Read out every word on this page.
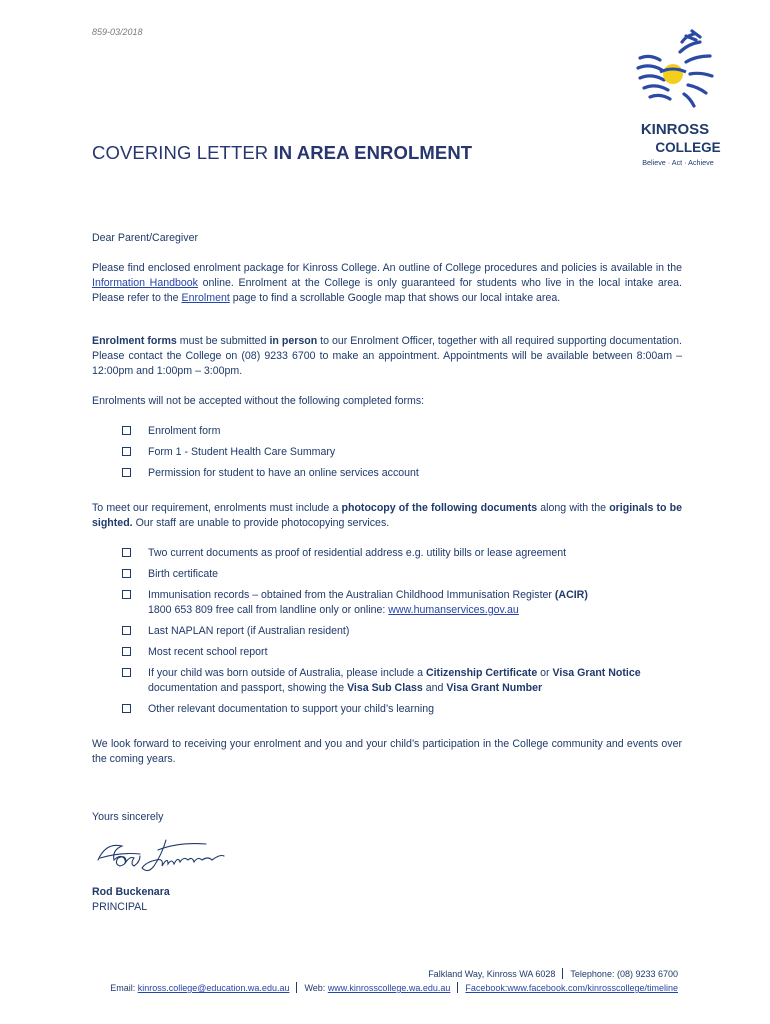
859-03/2018
COVERING LETTER IN AREA ENROLMENT
KINROSS
COLLEGE
Believe · Act · Achieve
Dear Parent/Caregiver
Please find enclosed enrolment package for Kinross College. An outline of College procedures and policies is available in the Information Handbook online. Enrolment at the College is only guaranteed for students who live in the local intake area. Please refer to the Enrolment page to find a scrollable Google map that shows our local intake area.
Enrolment forms must be submitted in person to our Enrolment Officer, together with all required supporting documentation. Please contact the College on (08) 9233 6700 to make an appointment. Appointments will be available between 8:00am – 12:00pm and 1:00pm – 3:00pm.
Enrolments will not be accepted without the following completed forms:
Enrolment form
Form 1 - Student Health Care Summary
Permission for student to have an online services account
To meet our requirement, enrolments must include a photocopy of the following documents along with the originals to be sighted. Our staff are unable to provide photocopying services.
Two current documents as proof of residential address e.g. utility bills or lease agreement
Birth certificate
Immunisation records – obtained from the Australian Childhood Immunisation Register (ACIR)
1800 653 809 free call from landline only or online: www.humanservices.gov.au
Last NAPLAN report (if Australian resident)
Most recent school report
If your child was born outside of Australia, please include a Citizenship Certificate or Visa Grant Notice
documentation and passport, showing the Visa Sub Class and Visa Grant Number
Other relevant documentation to support your child’s learning
We look forward to receiving your enrolment and you and your child’s participation in the College community and events over the coming years.
Yours sincerely
Rod Buckenara
PRINCIPAL
Falkland Way, Kinross WA 6028 Telephone: (08) 9233 6700
Email: kinross.college@education.wa.edu.au Web: www.kinrosscollege.wa.edu.au Facebook:www.facebook.com/kinrosscollege/timeline
